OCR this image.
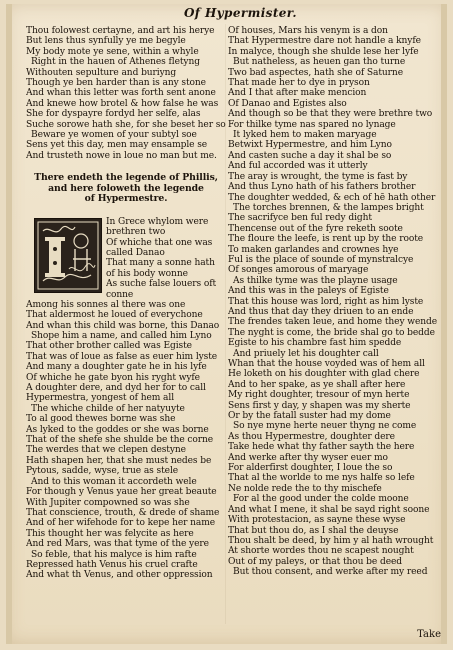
Of Hypermister.
Thou folowest certayne, and art his herye
But lens thus synfully ye me begyle
My body mote ye sene, within a whyle
Right in the hauen of Athenes fletyng
Withouten sepulture and buriyng
Though ye ben harder than is any stone
And whan this letter was forth sent anone
And knewe how brotel & how false he was
She for dyspayre fordyd her selfe, alas
Suche sorowe hath she, for she beset her so
Beware ye women of your subtyl soe
Sens yet this day, men may ensample se
And trusteth nowe in loue no man but me.
There endeth the legende of Phillis,
and here foloweth the legende
of Hypermestre.
In Grece whylom were
brethren two
Of whiche that one was
called Danao
That many a sonne hath
of his body wonne
As suche false louers oft
conne
Among his sonnes al there was one
That aldermost he loued of everychone
And whan this child was borne, this Danao
Shope him a name, and called him Lyno
That other brother called was Egiste
That was of loue as false as euer him lyste
And many a doughter gate he in his lyfe
Of whiche he gate byon his ryght wyfe
A doughter dere, and dyd her for to call
Hypermestra, yongest of hem all
The whiche childe of her natyuyte
To al good thewes borne was she
As lyked to the goddes or she was borne
That of the shefe she shulde be the corne
The werdes that we clepen destyne
Hath shapen her, that she must nedes be
Pytous, sadde, wyse, true as stele
And to this woman it accordeth wele
For though y Venus yaue her great beaute
With Jupiter compowned so was she
That conscience, trouth, & drede of shame
And of her wifehode for to kepe her name
This thought her was felycite as here
And red Mars, was that tyme of the yere
So feble, that his malyce is him rafte
Repressed hath Venus his cruel crafte
And what th Venus, and other oppression
Of houses, Mars his venym is a don
That Hypermestre dare not handle a knyfe
In malyce, though she shulde lese her lyfe
But natheless, as heuen gan tho turne
Two bad aspectes, hath she of Saturne
That made her to dye in pryson
And I that after make mencion
Of Danao and Egistes also
And though so be that they were brethre two
For thilke tyme nas spared no lynage
It lyked hem to maken maryage
Betwixt Hypermestre, and him Lyno
And casten suche a day it shal be so
And ful accorded was it utterly
The aray is wrought, the tyme is fast by
And thus Lyno hath of his fathers brother
The doughter wedded, & ech of hē hath other
The torches brennen, & the lampes bright
The sacrifyce ben ful redy dight
Thencense out of the fyre reketh soote
The floure the leefe, is rent up by the roote
To maken garlandes and crownes hye
Ful is the place of sounde of mynstralcye
Of songes amorous of maryage
As thilke tyme was the playne usage
And this was in the paleys of Egiste
That this house was lord, right as him lyste
And thus that day they driuen to an ende
The frendes taken leue, and home they wende
The nyght is come, the bride shal go to bedde
Egiste to his chambre fast him spedde
And priuely let his doughter call
Whan that the house voyded was of hem all
He loketh on his doughter with glad chere
And to her spake, as ye shall after here
My right doughter, tresour of myn herte
Sens first y day, y shapen was my sherte
Or by the fatall suster had my dome
So nye myne herte neuer thyng ne come
As thou Hypermestre, doughter dere
Take hede what thy father sayth the here
And werke after thy wyser euer mo
For alderfirst doughter, I loue the so
That al the worlde to me nys halfe so lefe
Ne nolde rede the to thy mischefe
For al the good under the colde moone
And what I mene, it shal be sayd right soone
With protestacion, as sayne these wyse
That but thou do, as I shal the deuyse
Thou shalt be deed, by him y al hath wrought
At shorte wordes thou ne scapest nought
Out of my paleys, or that thou be deed
But thou consent, and werke after my reed
Take
